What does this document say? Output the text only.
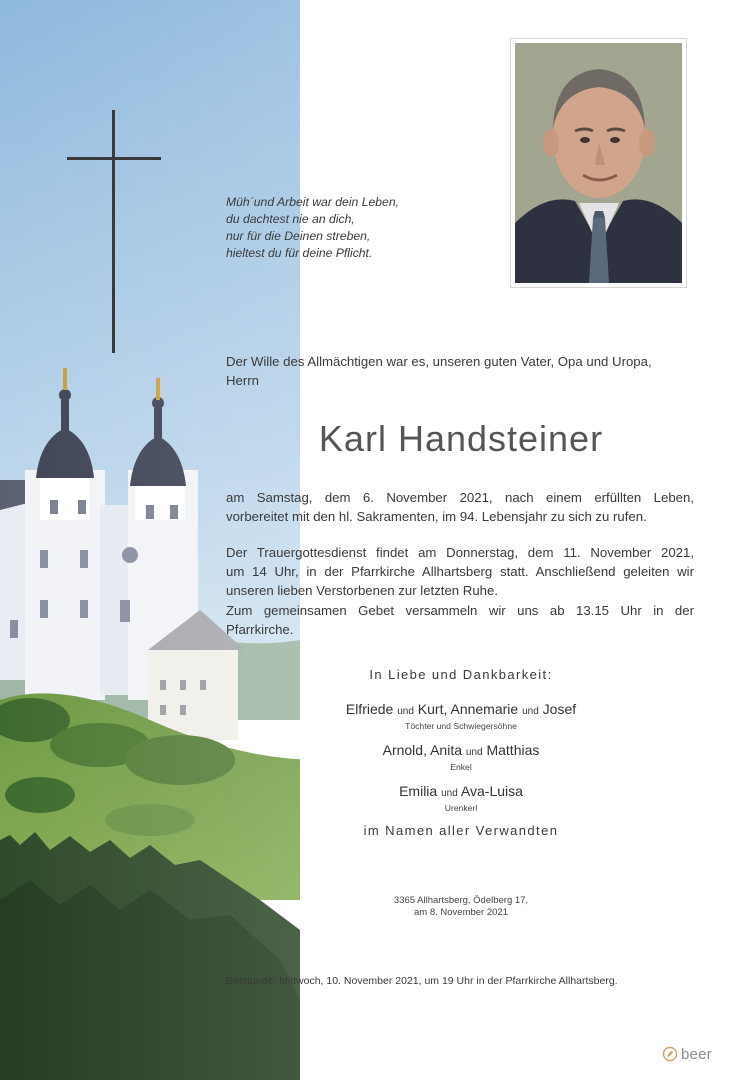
Müh´und Arbeit war dein Leben,
du dachtest nie an dich,
nur für die Deinen streben,
hieltest du für deine Pflicht.
Der Wille des Allmächtigen war es, unseren guten Vater, Opa und Uropa,
Herrn
Karl Handsteiner
am Samstag, dem 6. November 2021, nach einem erfüllten Leben,
vorbereitet mit den hl. Sakramenten, im 94. Lebensjahr zu sich zu rufen.
Der Trauergottesdienst findet am Donnerstag, dem 11. November 2021,
um 14 Uhr, in der Pfarrkirche Allhartsberg statt. Anschließend geleiten wir
unseren lieben Verstorbenen zur letzten Ruhe.
Zum gemeinsamen Gebet versammeln wir uns ab 13.15 Uhr in der
Pfarrkirche.
In Liebe und Dankbarkeit:
Elfriede und Kurt, Annemarie und Josef
Töchter und Schwiegersöhne
Arnold, Anita und Matthias
Enkel
Emilia und Ava-Luisa
Urenkerl
im Namen aller Verwandten
3365 Allhartsberg, Ödelberg 17,
am 8. November 2021
Betstunde: Mittwoch, 10. November 2021, um 19 Uhr in der Pfarrkirche Allhartsberg.
beer
